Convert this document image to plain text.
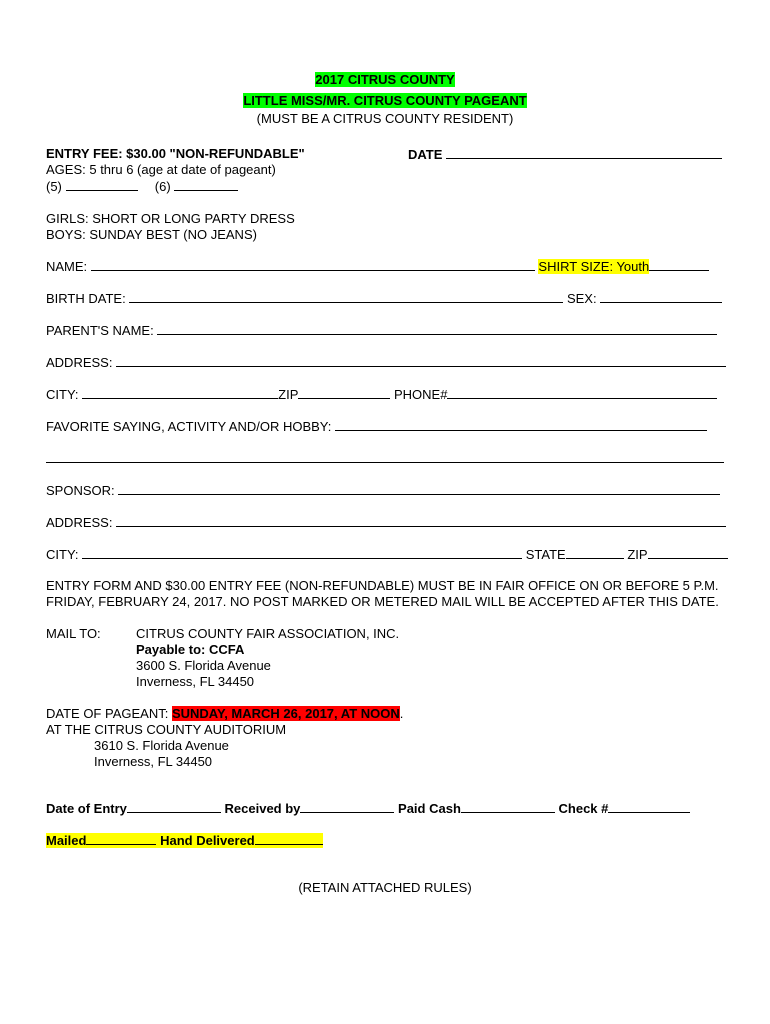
2017 CITRUS COUNTY
LITTLE MISS/MR. CITRUS COUNTY PAGEANT
(MUST BE A CITRUS COUNTY RESIDENT)
ENTRY FEE: $30.00 "NON-REFUNDABLE"	DATE
AGES: 5 thru 6 (age at date of pageant)
(5)	(6)
GIRLS: SHORT OR LONG PARTY DRESS
BOYS: SUNDAY BEST (NO JEANS)
NAME:	SHIRT SIZE: Youth
BIRTH DATE:	SEX:
PARENT'S NAME:
ADDRESS:
CITY:	ZIP	PHONE#
FAVORITE SAYING, ACTIVITY AND/OR HOBBY:
SPONSOR:
ADDRESS:
CITY:	STATE	ZIP
ENTRY FORM AND $30.00 ENTRY FEE (NON-REFUNDABLE) MUST BE IN FAIR OFFICE ON OR BEFORE 5 P.M.
FRIDAY, FEBRUARY 24, 2017. NO POST MARKED OR METERED MAIL WILL BE ACCEPTED AFTER THIS DATE.
MAIL TO:	CITRUS COUNTY FAIR ASSOCIATION, INC.
Payable to: CCFA
3600 S. Florida Avenue
Inverness, FL 34450
DATE OF PAGEANT: SUNDAY, MARCH 26, 2017, AT NOON.
AT THE CITRUS COUNTY AUDITORIUM
3610 S. Florida Avenue
Inverness, FL 34450
Date of Entry	Received by	Paid Cash	Check #
Mailed	Hand Delivered
(RETAIN ATTACHED RULES)
